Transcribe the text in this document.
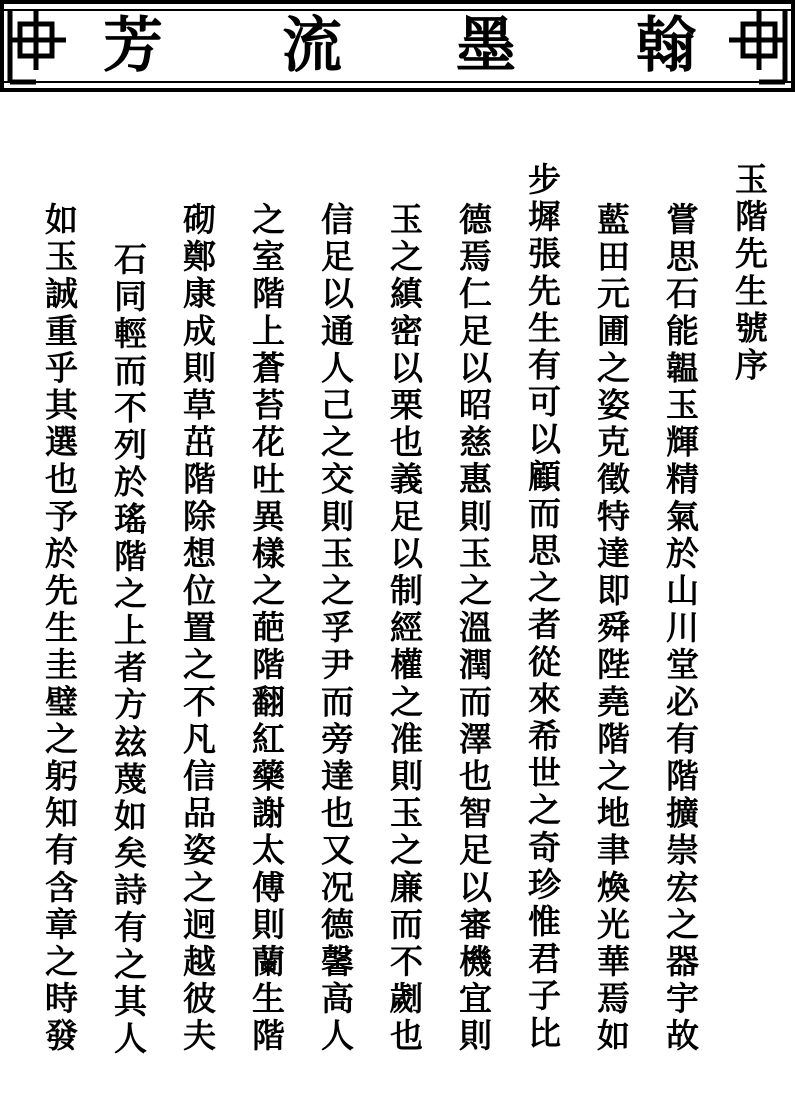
芳 流 墨 翰
玉階先生號序
嘗思石能韞玉輝精氣於山川堂必有階擴崇宏之器宇故
藍田元圃之姿克徵特達即舜陛堯階之地聿煥光華焉如
步墀張先生有可以顧而思之者從來希世之奇珍惟君子比
德焉仁足以昭慈惠則玉之溫潤而澤也智足以審機宜則
玉之縝密以栗也義足以制經權之准則玉之廉而不劌也
信足以通人己之交則玉之孚尹而旁達也又况德馨高人
之室階上蒼苔花吐異樣之葩階翻紅藥謝太傅則蘭生階
砌鄭康成則草茁階除想位置之不凡信品姿之迥越彼夫
石同輕而不列於瑤階之上者方玆蔑如矣詩有之其人
如玉誠重乎其選也予於先生圭璧之躬知有含章之時發
